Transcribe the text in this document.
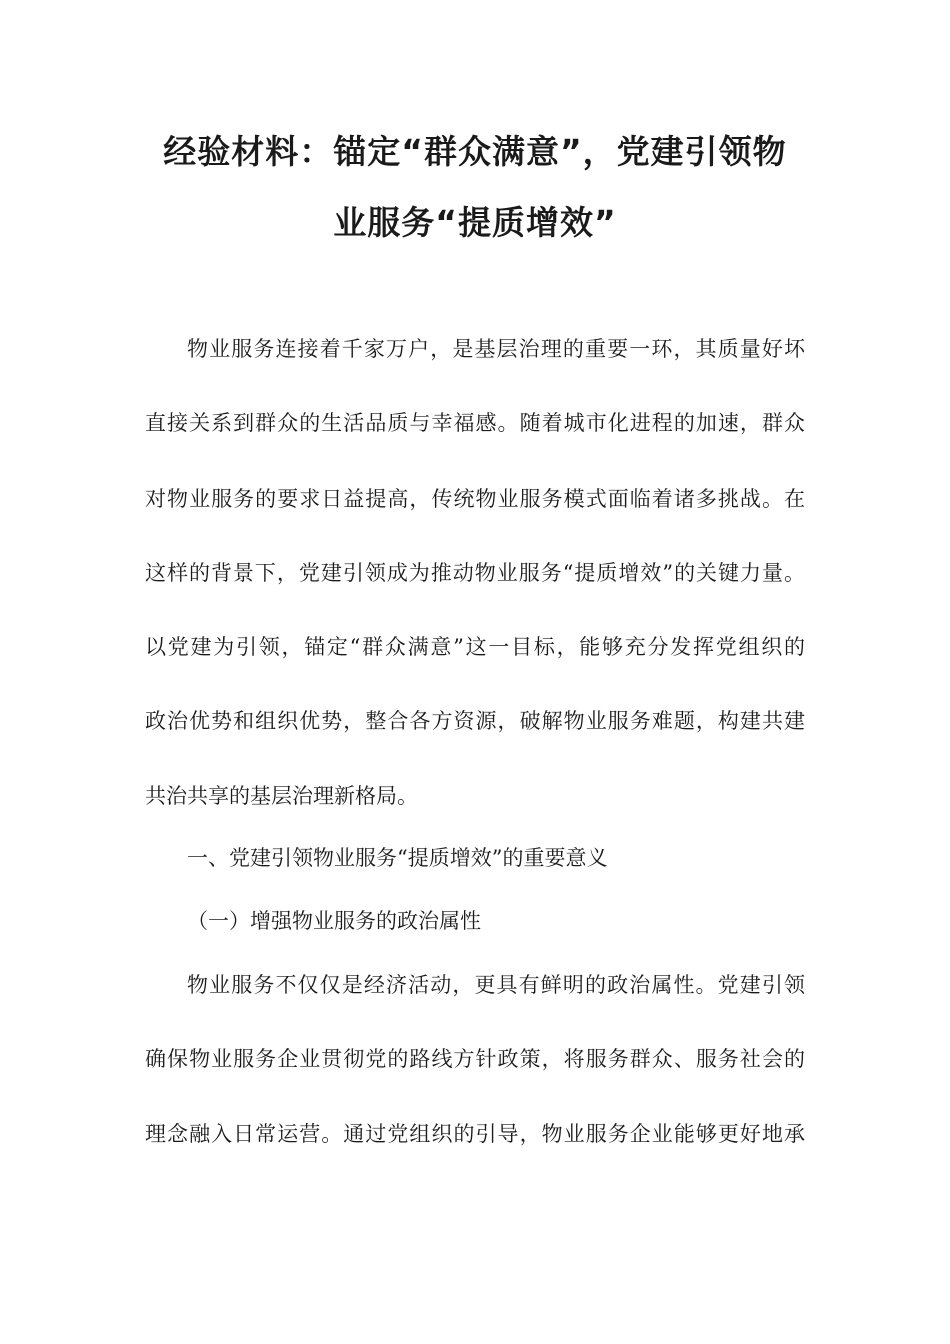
经验材料：锚定“群众满意”，党建引领物
业服务“提质增效”

物业服务连接着千家万户，是基层治理的重要一环，其质量好坏

直接关系到群众的生活品质与幸福感。随着城市化进程的加速，群众

对物业服务的要求日益提高，传统物业服务模式面临着诸多挑战。在

这样的背景下，党建引领成为推动物业服务“提质增效”的关键力量。

以党建为引领，锚定“群众满意”这一目标，能够充分发挥党组织的

政治优势和组织优势，整合各方资源，破解物业服务难题，构建共建

共治共享的基层治理新格局。

一、党建引领物业服务“提质增效”的重要意义

（一）增强物业服务的政治属性

物业服务不仅仅是经济活动，更具有鲜明的政治属性。党建引领

确保物业服务企业贯彻党的路线方针政策，将服务群众、服务社会的

理念融入日常运营。通过党组织的引导，物业服务企业能够更好地承
